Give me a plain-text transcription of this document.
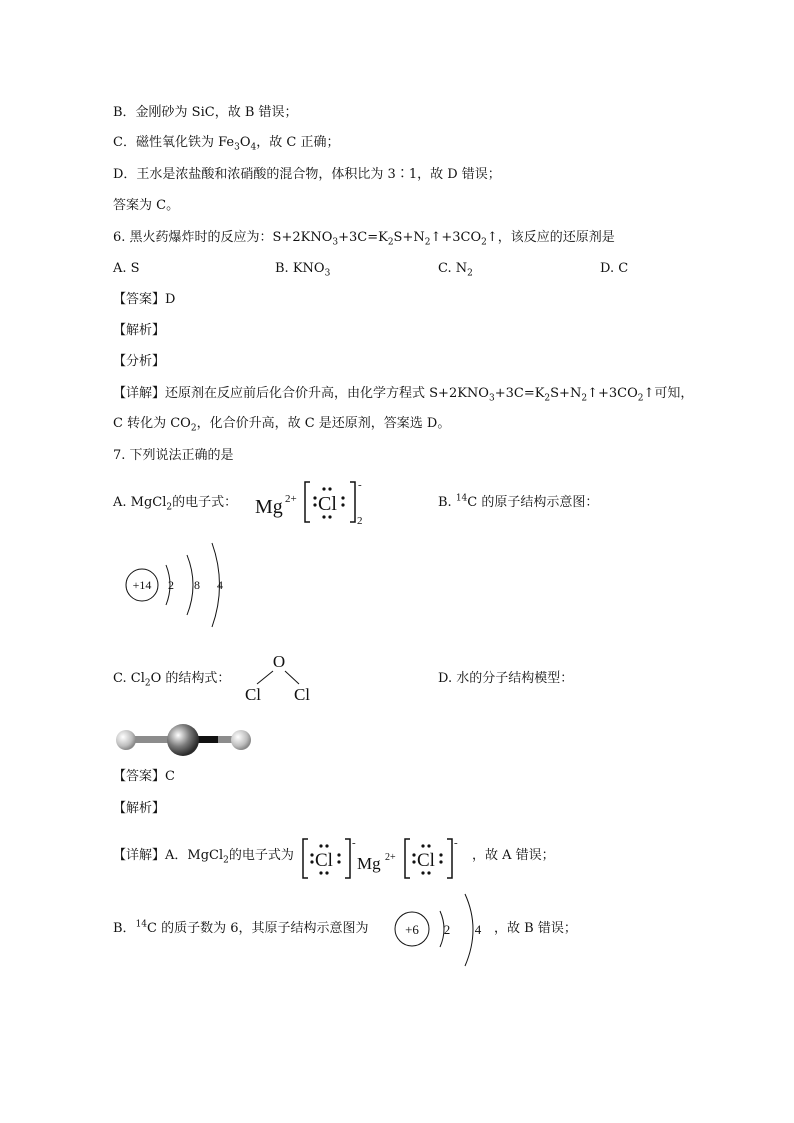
B．金刚砂为 SiC，故 B 错误；
C．磁性氧化铁为 $Fe_3O_4$，故 C 正确；
D．王水是浓盐酸和浓硝酸的混合物，体积比为 3∶1，故 D 错误；
答案为 C。
6. 黑火药爆炸时的反应为：$S+2KNO_3+3C=K_2S+N_2↑+3CO_2↑$，该反应的还原剂是
A. S	B. $KNO_3$	C. $N_2$	D. C
【答案】D
【解析】
【分析】
【详解】还原剂在反应前后化合价升高，由化学方程式 $S+2KNO_3+3C=K_2S+N_2↑+3CO_2↑$可知，
C 转化为 $CO_2$，化合价升高，故 C 是还原剂，答案选 D。
7. 下列说法正确的是
A. MgCl$_2$的电子式： Mg 2+ Cl
-
2
B. $^{14}$C 的原子结构示意图：
+14 2 8 4
C. $Cl_2O$ 的结构式：
O
Cl Cl
D. 水的分子结构模型：
【答案】C
【解析】
【详解】A．MgCl$_2$的电子式为 Cl
-
Mg 2+ Cl
-
，故 A 错误；
B．$^{14}$C 的质子数为 6，其原子结构示意图为	+6 2 4 ，故 B 错误；
